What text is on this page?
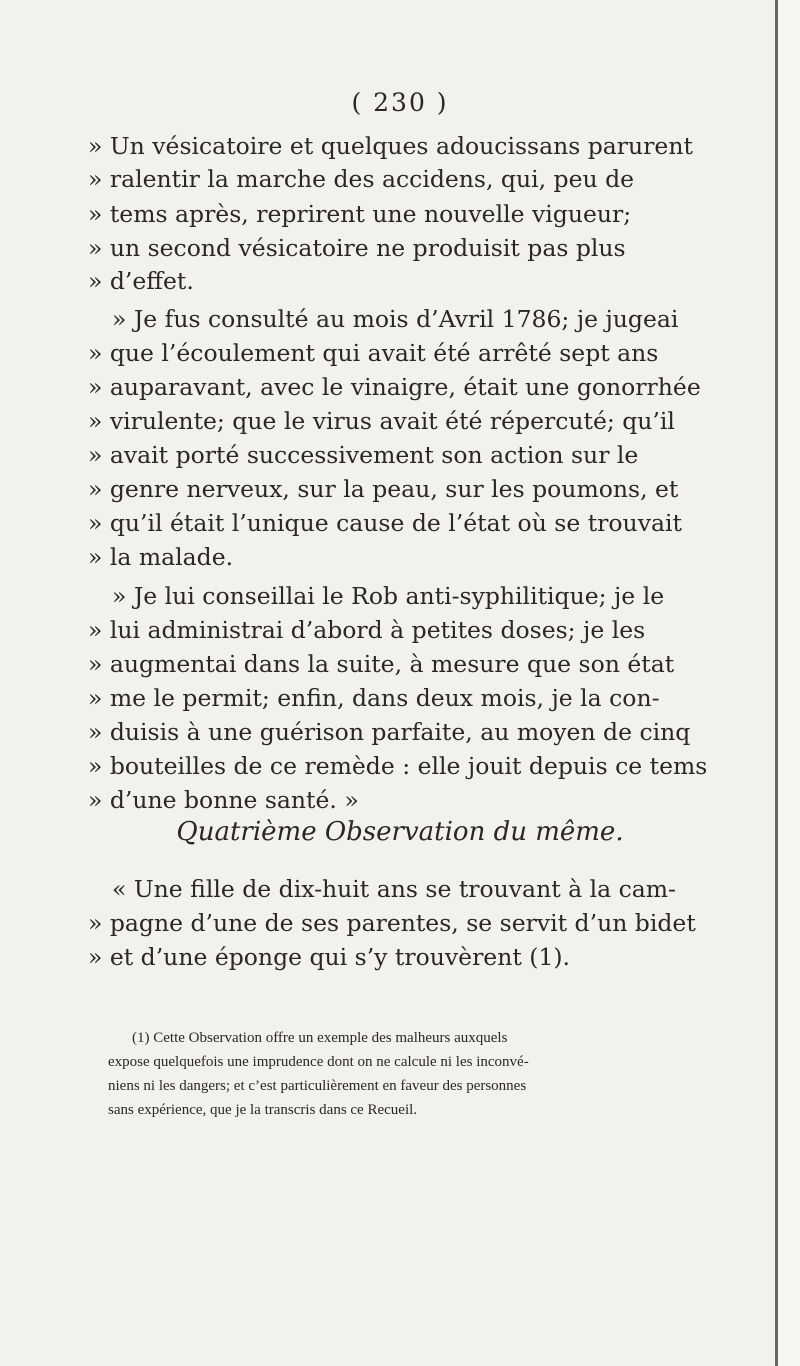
( 230 )
» Un vésicatoire et quelques adoucissans parurent
» ralentir la marche des accidens, qui, peu de
» tems après, reprirent une nouvelle vigueur;
» un second vésicatoire ne produisit pas plus
» d’effet.
» Je fus consulté au mois d’Avril 1786; je jugeai
» que l’écoulement qui avait été arrêté sept ans
» auparavant, avec le vinaigre, était une gonorrhée
» virulente; que le virus avait été répercuté; qu’il
» avait porté successivement son action sur le
» genre nerveux, sur la peau, sur les poumons, et
» qu’il était l’unique cause de l’état où se trouvait
» la malade.
» Je lui conseillai le Rob anti-syphilitique; je le
» lui administrai d’abord à petites doses; je les
» augmentai dans la suite, à mesure que son état
» me le permit; enfin, dans deux mois, je la con-
» duisis à une guérison parfaite, au moyen de cinq
» bouteilles de ce remède : elle jouit depuis ce tems
» d’une bonne santé. »
Quatrième Observation du même.
« Une fille de dix-huit ans se trouvant à la cam-
» pagne d’une de ses parentes, se servit d’un bidet
» et d’une éponge qui s’y trouvèrent (1).
(1) Cette Observation offre un exemple des malheurs auxquels
expose quelquefois une imprudence dont on ne calcule ni les inconvé-
niens ni les dangers; et c’est particulièrement en faveur des personnes
sans expérience, que je la transcris dans ce Recueil.
